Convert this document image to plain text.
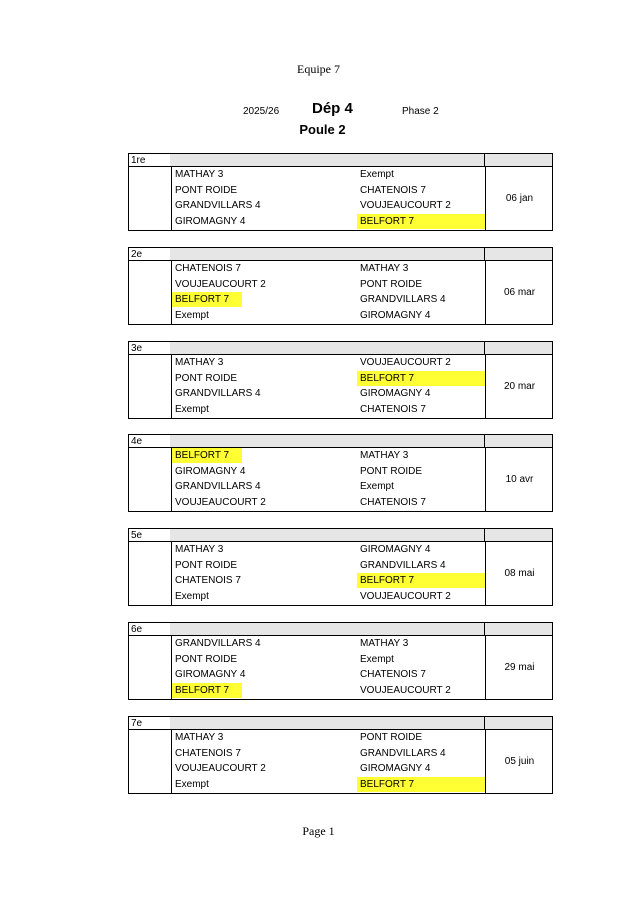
Equipe 7
2025/26 Dép 4	Phase 2
Poule 2
1re
MATHAY 3	Exempt
PONT ROIDE	CHATENOIS 7
GRANDVILLARS 4	VOUJEAUCOURT 2
GIROMAGNY 4	BELFORT 7
06 jan
2e
CHATENOIS 7	MATHAY 3
VOUJEAUCOURT 2	PONT ROIDE
BELFORT 7	GRANDVILLARS 4
Exempt	GIROMAGNY 4
06 mar
3e
MATHAY 3	VOUJEAUCOURT 2
PONT ROIDE	BELFORT 7
GRANDVILLARS 4	GIROMAGNY 4
Exempt	CHATENOIS 7
20 mar
4e
BELFORT 7	MATHAY 3
GIROMAGNY 4	PONT ROIDE
GRANDVILLARS 4	Exempt
VOUJEAUCOURT 2	CHATENOIS 7
10 avr
5e
MATHAY 3	GIROMAGNY 4
PONT ROIDE	GRANDVILLARS 4
CHATENOIS 7	BELFORT 7
Exempt	VOUJEAUCOURT 2
08 mai
6e
GRANDVILLARS 4	MATHAY 3
PONT ROIDE	Exempt
GIROMAGNY 4	CHATENOIS 7
BELFORT 7	VOUJEAUCOURT 2
29 mai
7e
MATHAY 3	PONT ROIDE
CHATENOIS 7	GRANDVILLARS 4
VOUJEAUCOURT 2	GIROMAGNY 4
Exempt	BELFORT 7
05 juin
Page 1
